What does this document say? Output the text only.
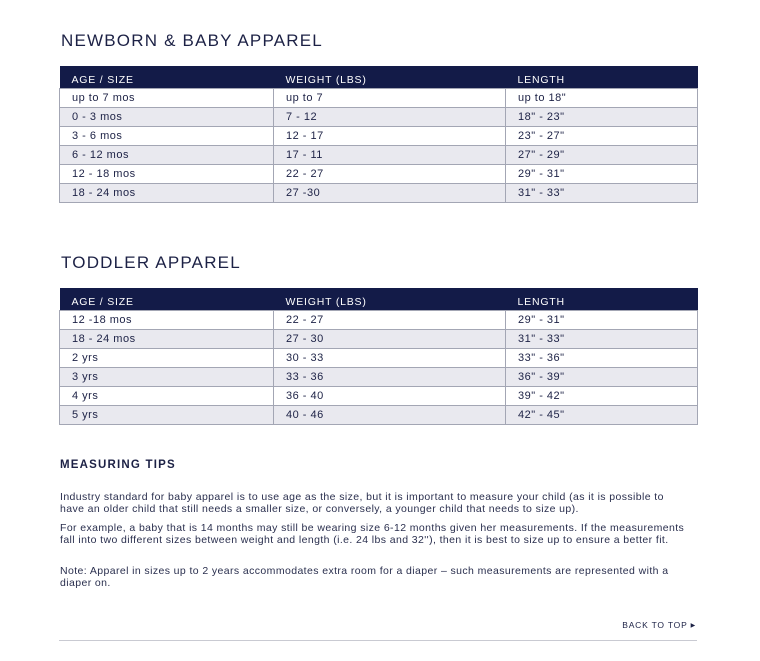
NEWBORN & BABY APPAREL
AGE / SIZE	WEIGHT (LBS)	LENGTH
up to 7 mos	up to 7	up to 18"
0 - 3 mos	7 - 12	18" - 23"
3 - 6 mos	12 - 17	23" - 27"
6 - 12 mos	17 - 11	27" - 29"
12 - 18 mos	22 - 27	29" - 31"
18 - 24 mos	27 -30	31" - 33"
TODDLER APPAREL
AGE / SIZE	WEIGHT (LBS)	LENGTH
12 -18 mos	22 - 27	29" - 31"
18 - 24 mos	27 - 30	31" - 33"
2 yrs	30 - 33	33" - 36"
3 yrs	33 - 36	36" - 39"
4 yrs	36 - 40	39" - 42"
5 yrs	40 - 46	42" - 45"
MEASURING TIPS

Industry standard for baby apparel is to use age as the size, but it is important to measure your child (as it is possible to have an older child that still needs a smaller size, or conversely, a younger child that needs to size up).

For example, a baby that is 14 months may still be wearing size 6-12 months given her measurements. If the measurements fall into two different sizes between weight and length (i.e. 24 lbs and 32''), then it is best to size up to ensure a better fit.

Note: Apparel in sizes up to 2 years accommodates extra room for a diaper – such measurements are represented with a diaper on.

BACK TO TOP ▶
